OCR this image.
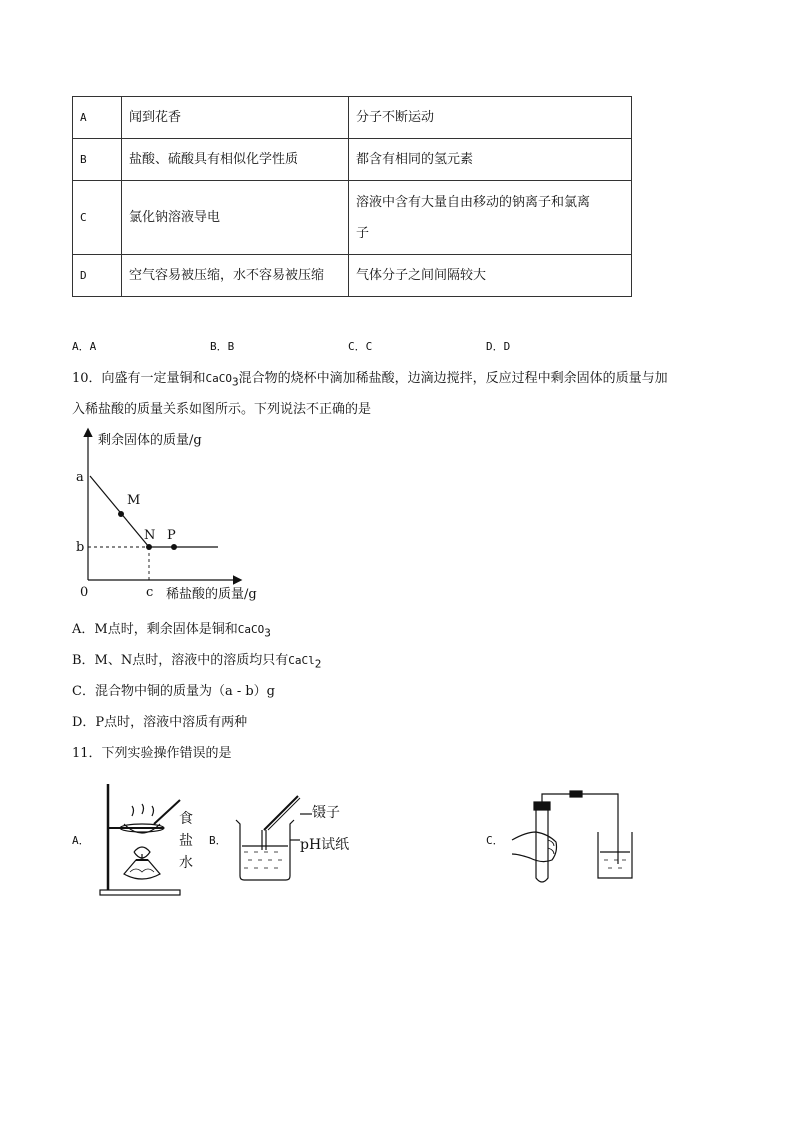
A	闻到花香	分子不断运动
B	盐酸、硫酸具有相似化学性质	都含有相同的氢元素
C	氯化钠溶液导电	溶液中含有大量自由移动的钠离子和氯离
子

D	空气容易被压缩，水不容易被压缩	气体分子之间间隔较大
A．A	B．B	C．C	D．D
10．向盛有一定量铜和CaCO$_3$混合物的烧杯中滴加稀盐酸，边滴边搅拌，反应过程中剩余固体的质量与加
入稀盐酸的质量关系如图所示。下列说法不正确的是
剩余固体的质量/g
稀盐酸的质量/g
0
a
b
c
M
N P
A．M点时，剩余固体是铜和CaCO$_3$
B．M、N点时，溶液中的溶质均只有CaCl$_2$
C．混合物中铜的质量为（a - b）g
D．P点时，溶液中溶质有两种
11．下列实验操作错误的是
A．
食
盐
水
B．
镊子
pH试纸	C．
